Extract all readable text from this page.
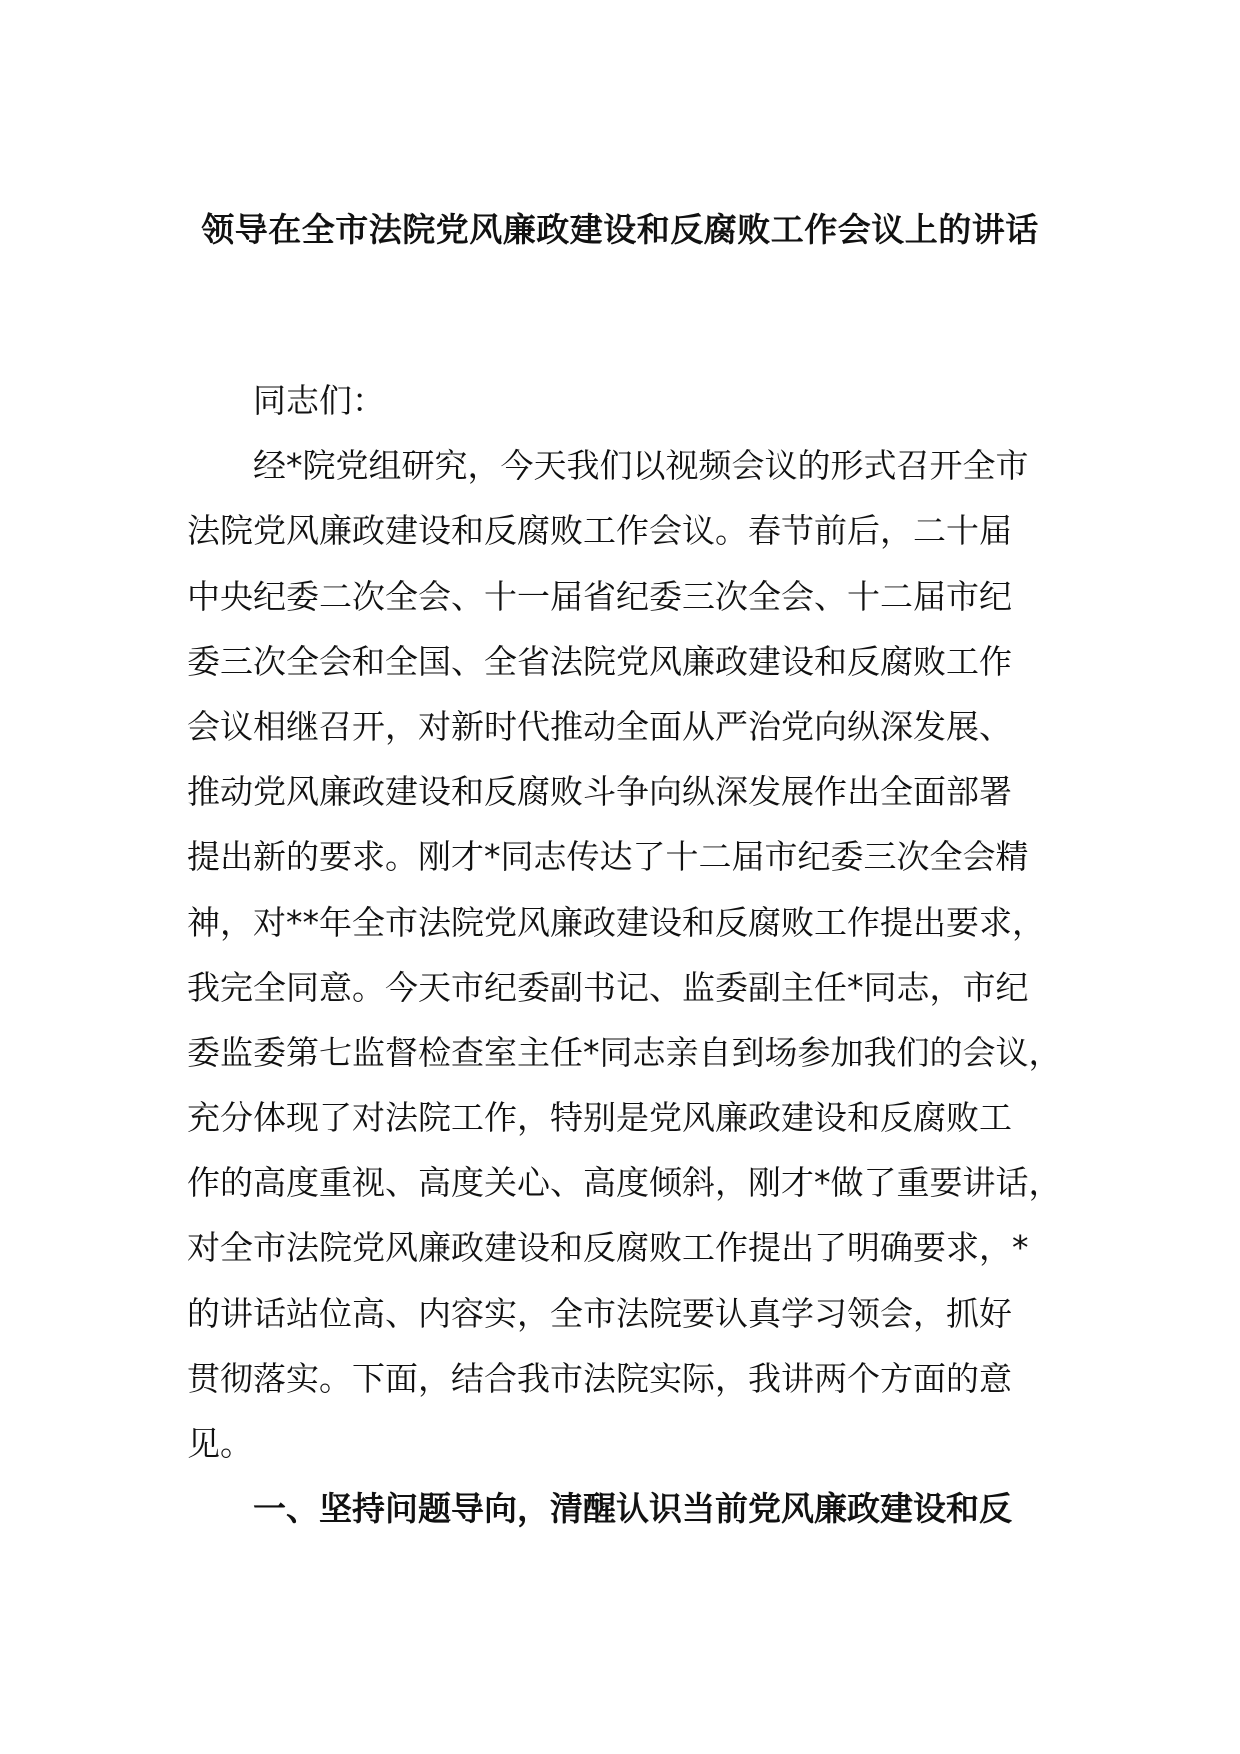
领导在全市法院党风廉政建设和反腐败工作会议上的讲话
同志们：
经*院党组研究，今天我们以视频会议的形式召开全市
法院党风廉政建设和反腐败工作会议。春节前后，二十届
中央纪委二次全会、十一届省纪委三次全会、十二届市纪
委三次全会和全国、全省法院党风廉政建设和反腐败工作
会议相继召开，对新时代推动全面从严治党向纵深发展、
推动党风廉政建设和反腐败斗争向纵深发展作出全面部署
提出新的要求。刚才*同志传达了十二届市纪委三次全会精
神，对**年全市法院党风廉政建设和反腐败工作提出要求，
我完全同意。今天市纪委副书记、监委副主任*同志，市纪
委监委第七监督检查室主任*同志亲自到场参加我们的会议，
充分体现了对法院工作，特别是党风廉政建设和反腐败工
作的高度重视、高度关心、高度倾斜，刚才*做了重要讲话，
对全市法院党风廉政建设和反腐败工作提出了明确要求，*
的讲话站位高、内容实，全市法院要认真学习领会，抓好
贯彻落实。下面，结合我市法院实际，我讲两个方面的意
见。
一、坚持问题导向，清醒认识当前党风廉政建设和反
